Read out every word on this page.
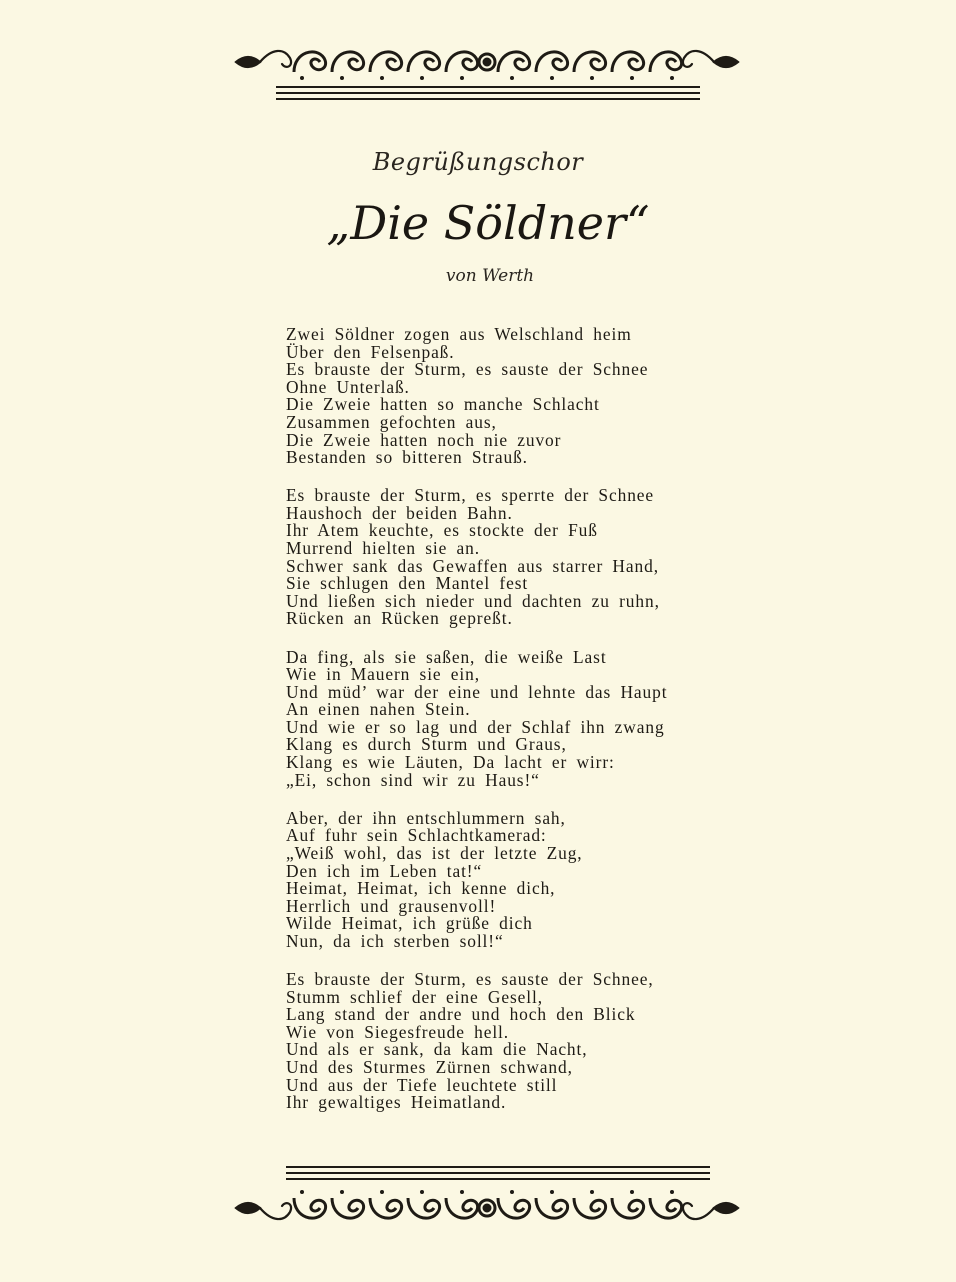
Begrüßungschor
„Die Söldner“
von Werth
Zwei Söldner zogen aus Welschland heim
Über den Felsenpaß.
Es brauste der Sturm, es sauste der Schnee
Ohne Unterlaß.
Die Zweie hatten so manche Schlacht
Zusammen gefochten aus,
Die Zweie hatten noch nie zuvor
Bestanden so bitteren Strauß.
Es brauste der Sturm, es sperrte der Schnee
Haushoch der beiden Bahn.
Ihr Atem keuchte, es stockte der Fuß
Murrend hielten sie an.
Schwer sank das Gewaffen aus starrer Hand,
Sie schlugen den Mantel fest
Und ließen sich nieder und dachten zu ruhn,
Rücken an Rücken gepreßt.
Da fing, als sie saßen, die weiße Last
Wie in Mauern sie ein,
Und müd’ war der eine und lehnte das Haupt
An einen nahen Stein.
Und wie er so lag und der Schlaf ihn zwang
Klang es durch Sturm und Graus,
Klang es wie Läuten, Da lacht er wirr:
„Ei, schon sind wir zu Haus!“
Aber, der ihn entschlummern sah,
Auf fuhr sein Schlachtkamerad:
„Weiß wohl, das ist der letzte Zug,
Den ich im Leben tat!“
Heimat, Heimat, ich kenne dich,
Herrlich und grausenvoll!
Wilde Heimat, ich grüße dich
Nun, da ich sterben soll!“
Es brauste der Sturm, es sauste der Schnee,
Stumm schlief der eine Gesell,
Lang stand der andre und hoch den Blick
Wie von Siegesfreude hell.
Und als er sank, da kam die Nacht,
Und des Sturmes Zürnen schwand,
Und aus der Tiefe leuchtete still
Ihr gewaltiges Heimatland.
